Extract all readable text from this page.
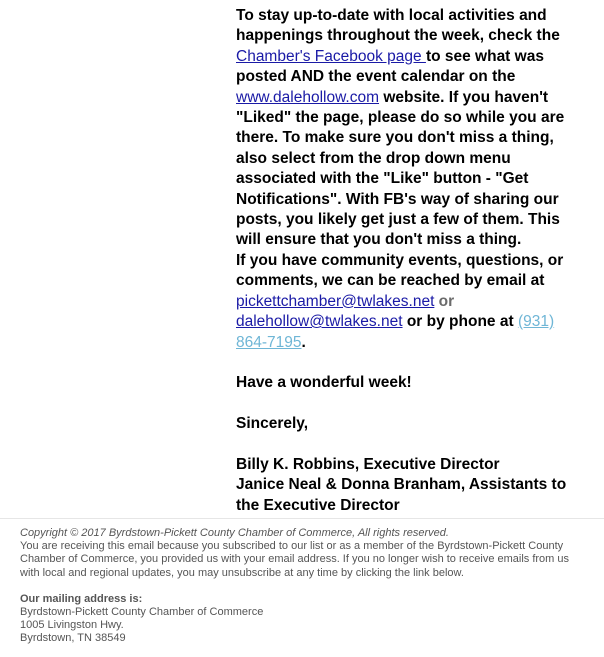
To stay up-to-date with local activities and happenings throughout the week, check the Chamber's Facebook page to see what was posted AND the event calendar on the www.dalehollow.com website. If you haven't "Liked" the page, please do so while you are there. To make sure you don't miss a thing, also select from the drop down menu associated with the "Like" button - "Get Notifications". With FB's way of sharing our posts, you likely get just a few of them. This will ensure that you don't miss a thing.

If you have community events, questions, or comments, we can be reached by email at pickettchamber@twlakes.net or dalehollow@twlakes.net or by phone at (931) 864-7195.

Have a wonderful week!

Sincerely,

Billy K. Robbins, Executive Director

Janice Neal & Donna Branham, Assistants to the Executive Director

Copyright © 2017 Byrdstown-Pickett County Chamber of Commerce, All rights reserved.
You are receiving this email because you subscribed to our list or as a member of the Byrdstown-Pickett County Chamber of Commerce, you provided us with your email address. If you no longer wish to receive emails from us with local and regional updates, you may unsubscribe at any time by clicking the link below.
Our mailing address is:
Byrdstown-Pickett County Chamber of Commerce
1005 Livingston Hwy.
Byrdstown, TN 38549
